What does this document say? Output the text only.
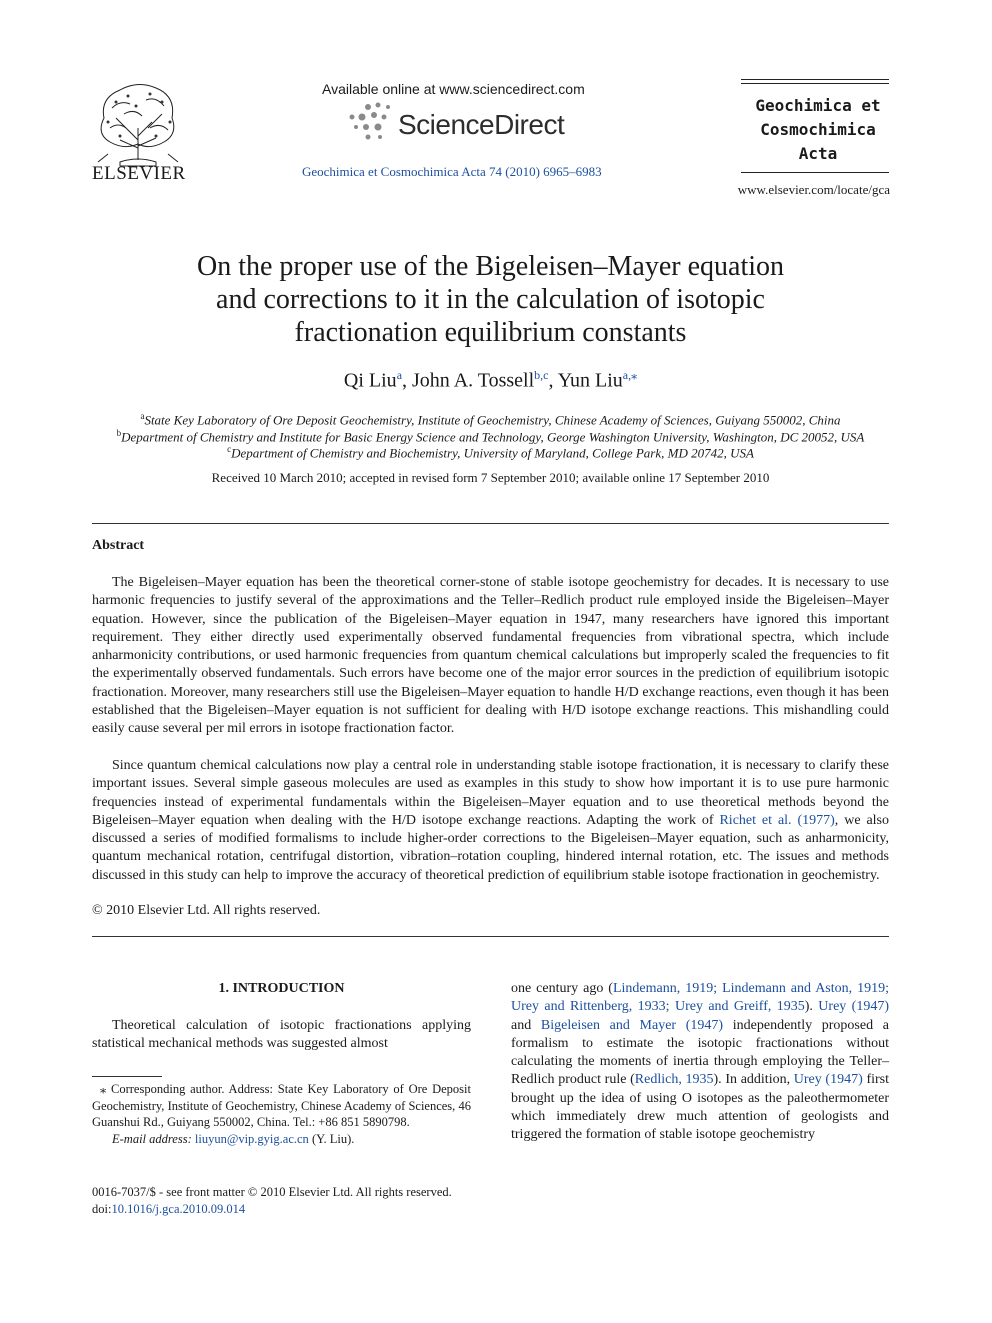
ELSEVIER
Available online at www.sciencedirect.com
ScienceDirect
Geochimica et Cosmochimica Acta 74 (2010) 6965–6983
Geochimica et
Cosmochimica
Acta
www.elsevier.com/locate/gca
On the proper use of the Bigeleisen–Mayer equation
and corrections to it in the calculation of isotopic
fractionation equilibrium constants
Qi Liu$^a$, John A. Tossell$^{b,c}$, Yun Liu$^{a,⁎}$
$^a$State Key Laboratory of Ore Deposit Geochemistry, Institute of Geochemistry, Chinese Academy of Sciences, Guiyang 550002, China
$^b$Department of Chemistry and Institute for Basic Energy Science and Technology, George Washington University, Washington, DC 20052, USA
$^c$Department of Chemistry and Biochemistry, University of Maryland, College Park, MD 20742, USA
Received 10 March 2010; accepted in revised form 7 September 2010; available online 17 September 2010
Abstract
The Bigeleisen–Mayer equation has been the theoretical corner-stone of stable isotope geochemistry for decades. It is necessary to use harmonic frequencies to justify several of the approximations and the Teller–Redlich product rule employed inside the Bigeleisen–Mayer equation. However, since the publication of the Bigeleisen–Mayer equation in 1947, many researchers have ignored this important requirement. They either directly used experimentally observed fundamental frequencies from vibrational spectra, which include anharmonicity contributions, or used harmonic frequencies from quantum chemical calculations but improperly scaled the frequencies to fit the experimentally observed fundamentals. Such errors have become one of the major error sources in the prediction of equilibrium isotopic fractionation. Moreover, many researchers still use the Bigeleisen–Mayer equation to handle H/D exchange reactions, even though it has been established that the Bigeleisen–Mayer equation is not sufficient for dealing with H/D isotope exchange reactions. This mishandling could easily cause several per mil errors in isotope fractionation factor.
Since quantum chemical calculations now play a central role in understanding stable isotope fractionation, it is necessary to clarify these important issues. Several simple gaseous molecules are used as examples in this study to show how important it is to use pure harmonic frequencies instead of experimental fundamentals within the Bigeleisen–Mayer equation and to use theoretical methods beyond the Bigeleisen–Mayer equation when dealing with the H/D isotope exchange reactions. Adapting the work of Richet et al. (1977), we also discussed a series of modified formalisms to include higher-order corrections to the Bigeleisen–Mayer equation, such as anharmonicity, quantum mechanical rotation, centrifugal distortion, vibration–rotation coupling, hindered internal rotation, etc. The issues and methods discussed in this study can help to improve the accuracy of theoretical prediction of equilibrium stable isotope fractionation in geochemistry.
© 2010 Elsevier Ltd. All rights reserved.
1. INTRODUCTION
Theoretical calculation of isotopic fractionations applying statistical mechanical methods was suggested almost
⁎ Corresponding author. Address: State Key Laboratory of Ore Deposit Geochemistry, Institute of Geochemistry, Chinese Academy of Sciences, 46 Guanshui Rd., Guiyang 550002, China. Tel.: +86 851 5890798.
E-mail address: liuyun@vip.gyig.ac.cn (Y. Liu).
0016-7037/$ - see front matter © 2010 Elsevier Ltd. All rights reserved.
doi:10.1016/j.gca.2010.09.014
one century ago (Lindemann, 1919; Lindemann and Aston, 1919; Urey and Rittenberg, 1933; Urey and Greiff, 1935). Urey (1947) and Bigeleisen and Mayer (1947) independently proposed a formalism to estimate the isotopic fractionations without calculating the moments of inertia through employing the Teller–Redlich product rule (Redlich, 1935). In addition, Urey (1947) first brought up the idea of using O isotopes as the paleothermometer which immediately drew much attention of geologists and triggered the formation of stable isotope geochemistry
